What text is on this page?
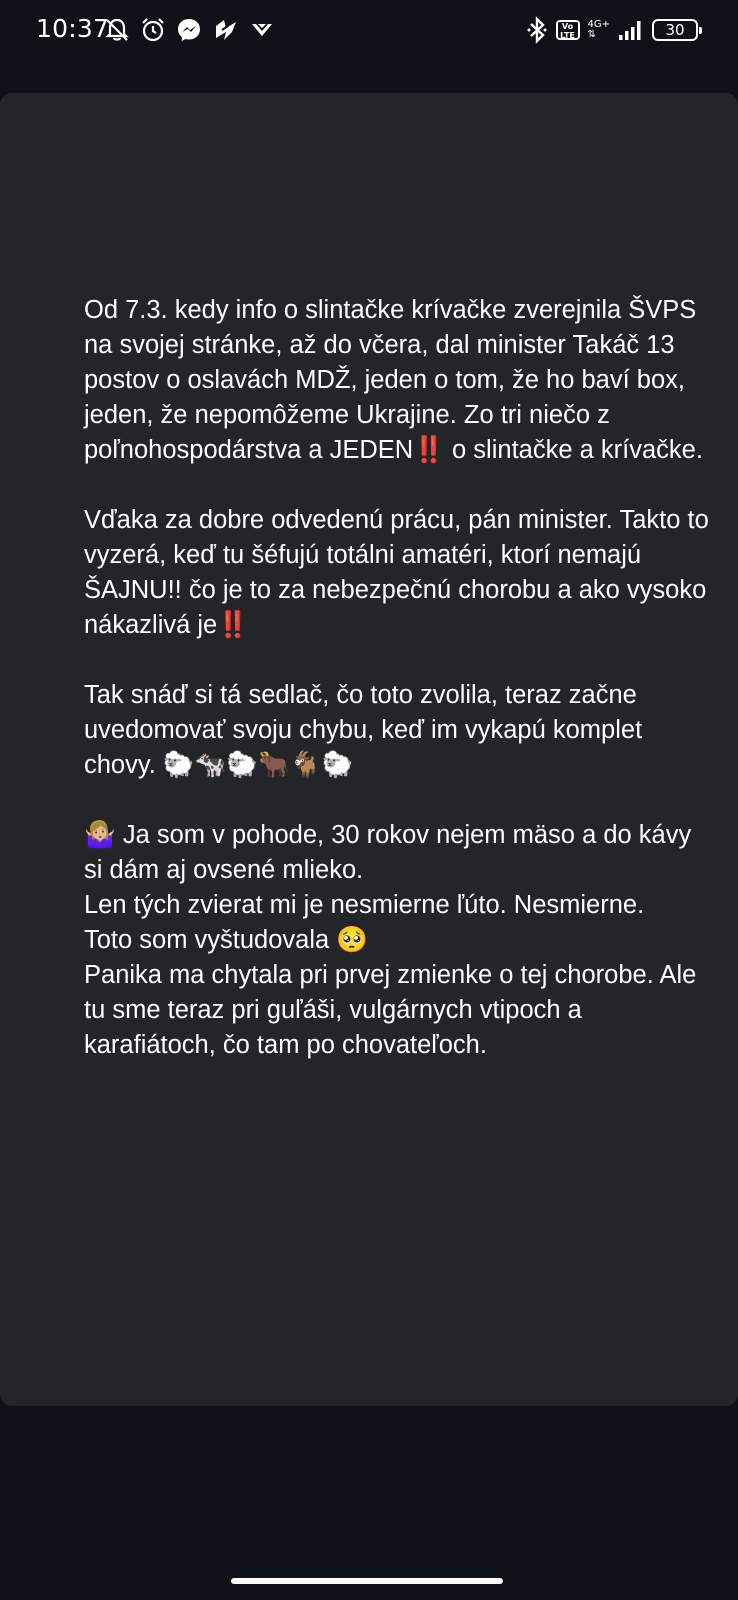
10:37	Vo
LTE
4G+
⇅	30

Od 7.3. kedy info o slintačke krívačke zverejnila ŠVPS na svojej stránke, až do včera, dal minister Takáč 13 postov o oslavách MDŽ, jeden o tom, že ho baví box, jeden, že nepomôžeme Ukrajine. Zo tri niečo z poľnohospodárstva a JEDEN‼️ o slintačke a krívačke.

Vďaka za dobre odvedenú prácu, pán minister. Takto to vyzerá, keď tu šéfujú totálni amatéri, ktorí nemajú ŠAJNU!! čo je to za nebezpečnú chorobu a ako vysoko nákazlivá je‼️

Tak snáď si tá sedlač, čo toto zvolila, teraz začne uvedomovať svoju chybu, keď im vykapú komplet chovy. 🐑🐄🐑🐂🐐🐑

🤷🏼‍♀️ Ja som v pohode, 30 rokov nejem mäso a do kávy si dám aj ovsené mlieko.
Len tých zvierat mi je nesmierne ľúto. Nesmierne.
Toto som vyštudovala 🥺
Panika ma chytala pri prvej zmienke o tej chorobe. Ale tu sme teraz pri guľáši, vulgárnych vtipoch a karafiátoch, čo tam po chovateľoch.
